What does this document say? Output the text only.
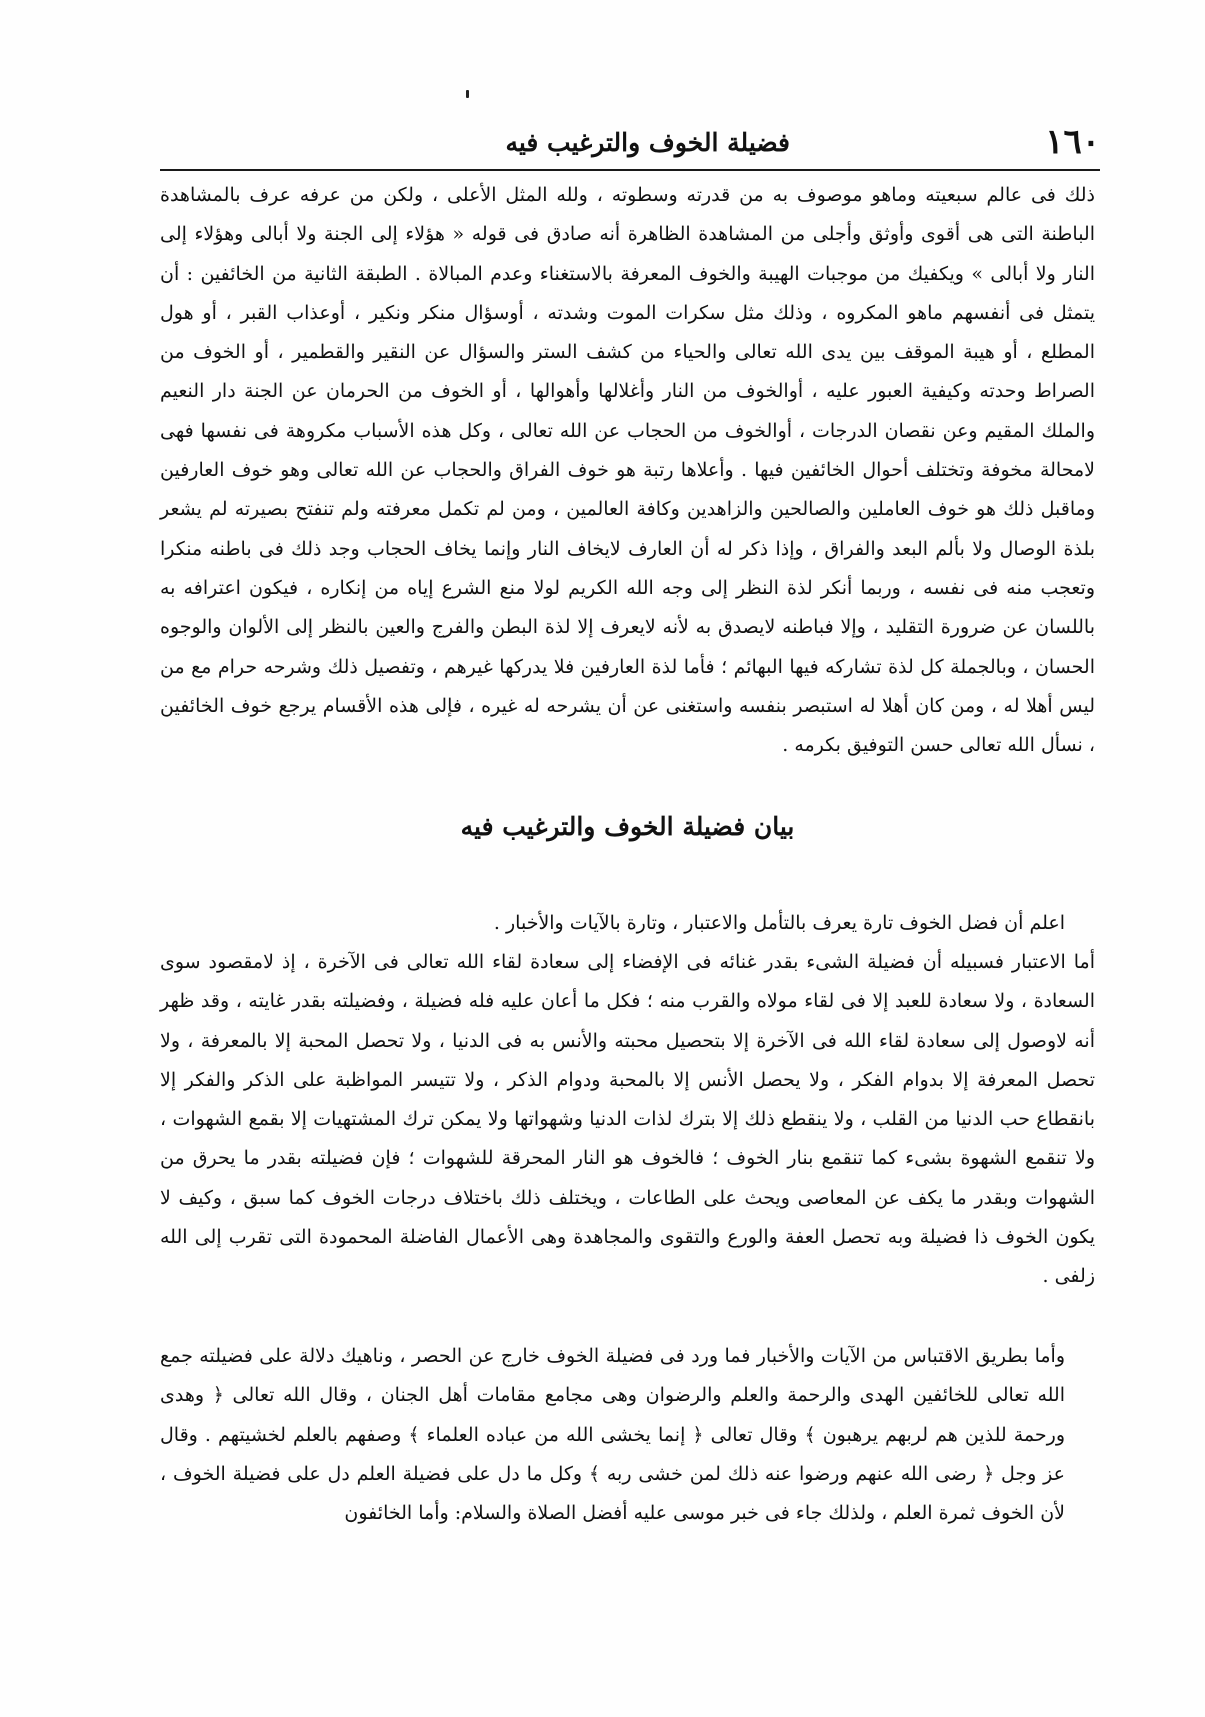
١٦٠
فضيلة الخوف والترغيب فيه

ذلك فى عالم سبعيته وماهو موصوف به من قدرته وسطوته ، ولله المثل الأعلى ، ولكن من عرفه عرف بالمشاهدة الباطنة التى هى أقوى وأوثق وأجلى من المشاهدة الظاهرة أنه صادق فى قوله « هؤلاء إلى الجنة ولا أبالى وهؤلاء إلى النار ولا أبالى » ويكفيك من موجبات الهيبة والخوف المعرفة بالاستغناء وعدم المبالاة . الطبقة الثانية من الخائفين : أن يتمثل فى أنفسهم ماهو المكروه ، وذلك مثل سكرات الموت وشدته ، أوسؤال منكر ونكير ، أوعذاب القبر ، أو هول المطلع ، أو هيبة الموقف بين يدى الله تعالى والحياء من كشف الستر والسؤال عن النقير والقطمير ، أو الخوف من الصراط وحدته وكيفية العبور عليه ، أوالخوف من النار وأغلالها وأهوالها ، أو الخوف من الحرمان عن الجنة دار النعيم والملك المقيم وعن نقصان الدرجات ، أوالخوف من الحجاب عن الله تعالى ، وكل هذه الأسباب مكروهة فى نفسها فهى لامحالة مخوفة وتختلف أحوال الخائفين فيها . وأعلاها رتبة هو خوف الفراق والحجاب عن الله تعالى وهو خوف العارفين وماقبل ذلك هو خوف العاملين والصالحين والزاهدين وكافة العالمين ، ومن لم تكمل معرفته ولم تنفتح بصيرته لم يشعر بلذة الوصال ولا بألم البعد والفراق ، وإذا ذكر له أن العارف لايخاف النار وإنما يخاف الحجاب وجد ذلك فى باطنه منكرا وتعجب منه فى نفسه ، وربما أنكر لذة النظر إلى وجه الله الكريم لولا منع الشرع إياه من إنكاره ، فيكون اعترافه به باللسان عن ضرورة التقليد ، وإلا فباطنه لايصدق به لأنه لايعرف إلا لذة البطن والفرج والعين بالنظر إلى الألوان والوجوه الحسان ، وبالجملة كل لذة تشاركه فيها البهائم ؛ فأما لذة العارفين فلا يدركها غيرهم ، وتفصيل ذلك وشرحه حرام مع من ليس أهلا له ، ومن كان أهلا له استبصر بنفسه واستغنى عن أن يشرحه له غيره ، فإلى هذه الأقسام يرجع خوف الخائفين ، نسأل الله تعالى حسن التوفيق بكرمه .

بيان فضيلة الخوف والترغيب فيه

اعلم أن فضل الخوف تارة يعرف بالتأمل والاعتبار ، وتارة بالآيات والأخبار .

أما الاعتبار فسبيله أن فضيلة الشىء بقدر غنائه فى الإفضاء إلى سعادة لقاء الله تعالى فى الآخرة ، إذ لامقصود سوى السعادة ، ولا سعادة للعبد إلا فى لقاء مولاه والقرب منه ؛ فكل ما أعان عليه فله فضيلة ، وفضيلته بقدر غايته ، وقد ظهر أنه لاوصول إلى سعادة لقاء الله فى الآخرة إلا بتحصيل محبته والأنس به فى الدنيا ، ولا تحصل المحبة إلا بالمعرفة ، ولا تحصل المعرفة إلا بدوام الفكر ، ولا يحصل الأنس إلا بالمحبة ودوام الذكر ، ولا تتيسر المواظبة على الذكر والفكر إلا بانقطاع حب الدنيا من القلب ، ولا ينقطع ذلك إلا بترك لذات الدنيا وشهواتها ولا يمكن ترك المشتهيات إلا بقمع الشهوات ، ولا تنقمع الشهوة بشىء كما تنقمع بنار الخوف ؛ فالخوف هو النار المحرقة للشهوات ؛ فإن فضيلته بقدر ما يحرق من الشهوات وبقدر ما يكف عن المعاصى ويحث على الطاعات ، ويختلف ذلك باختلاف درجات الخوف كما سبق ، وكيف لا يكون الخوف ذا فضيلة وبه تحصل العفة والورع والتقوى والمجاهدة وهى الأعمال الفاضلة المحمودة التى تقرب إلى الله زلفى .

وأما بطريق الاقتباس من الآيات والأخبار فما ورد فى فضيلة الخوف خارج عن الحصر ، وناهيك دلالة على فضيلته جمع الله تعالى للخائفين الهدى والرحمة والعلم والرضوان وهى مجامع مقامات أهل الجنان ، وقال الله تعالى ﴿ وهدى ورحمة للذين هم لربهم يرهبون ﴾ وقال تعالى ﴿ إنما يخشى الله من عباده العلماء ﴾ وصفهم بالعلم لخشيتهم . وقال عز وجل ﴿ رضى الله عنهم ورضوا عنه ذلك لمن خشى ربه ﴾ وكل ما دل على فضيلة العلم دل على فضيلة الخوف ، لأن الخوف ثمرة العلم ، ولذلك جاء فى خبر موسى عليه أفضل الصلاة والسلام: وأما الخائفون
